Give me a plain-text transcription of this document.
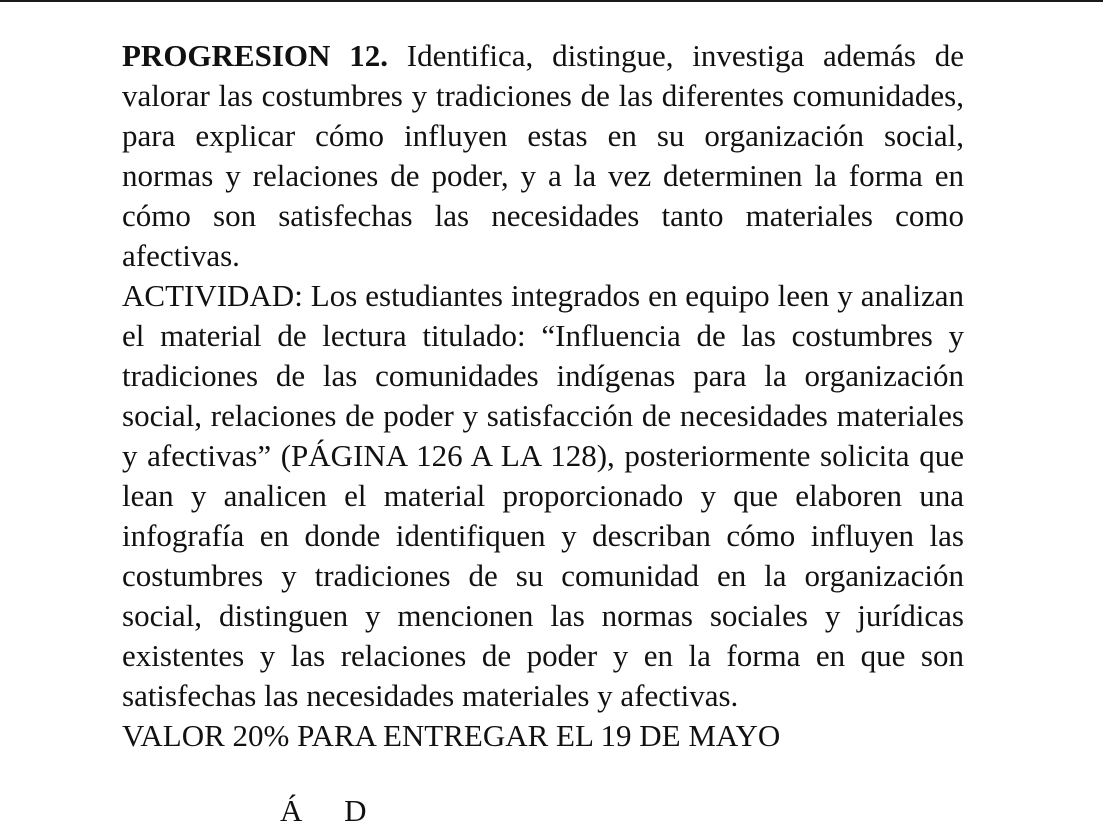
PROGRESION 12. Identifica, distingue, investiga además de valorar las costumbres y tradiciones de las diferentes comunidades, para explicar cómo influyen estas en su organización social, normas y relaciones de poder, y a la vez determinen la forma en cómo son satisfechas las necesidades tanto materiales como afectivas.

ACTIVIDAD: Los estudiantes integrados en equipo leen y analizan el material de lectura titulado: “Influencia de las costumbres y tradiciones de las comunidades indígenas para la organización social, relaciones de poder y satisfacción de necesidades materiales y afectivas” (PÁGINA 126 A LA 128), posteriormente solicita que lean y analicen el material proporcionado y que elaboren una infografía en donde identifiquen y describan cómo influyen las costumbres y tradiciones de su comunidad en la organización social, distinguen y mencionen las normas sociales y jurídicas existentes y las relaciones de poder y en la forma en que son satisfechas las necesidades materiales y afectivas.

VALOR 20% PARA ENTREGAR EL 19 DE MAYO

Á D
